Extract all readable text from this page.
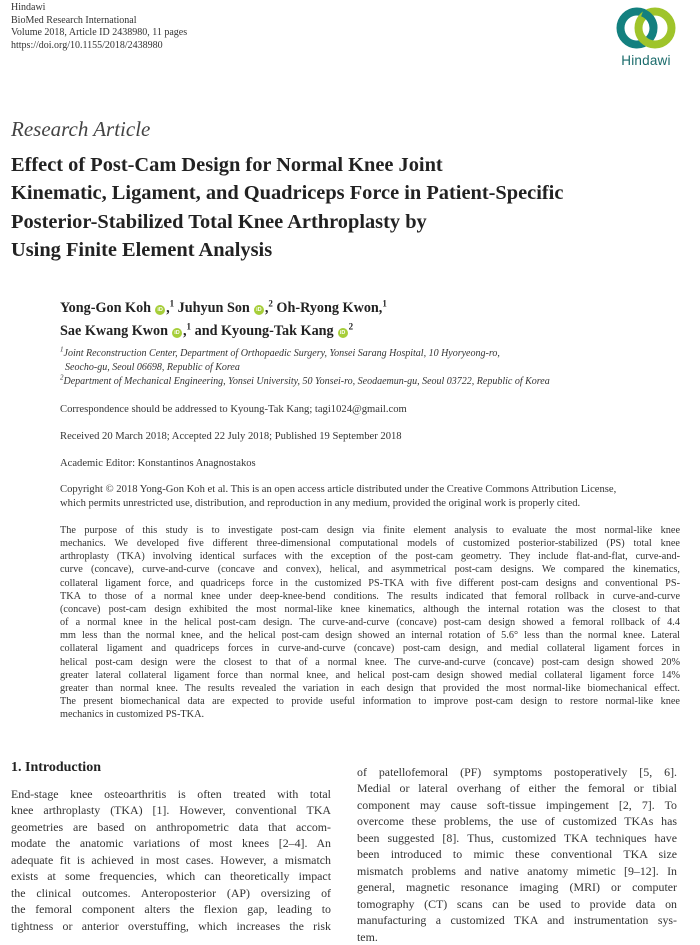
Hindawi
BioMed Research International
Volume 2018, Article ID 2438980, 11 pages
https://doi.org/10.1155/2018/2438980
Hindawi
Research Article
Effect of Post-Cam Design for Normal Knee Joint
Kinematic, Ligament, and Quadriceps Force in Patient-Specific
Posterior-Stabilized Total Knee Arthroplasty by
Using Finite Element Analysis
Yong-Gon Koh iD ,$^1$ Juhyun Son iD ,$^2$ Oh-Ryong Kwon,$^1$
Sae Kwang Kwon iD ,$^1$ and Kyoung-Tak Kang $iD^2$
$^1$Joint Reconstruction Center, Department of Orthopaedic Surgery, Yonsei Sarang Hospital, 10 Hyoryeong-ro,
Seocho-gu, Seoul 06698, Republic of Korea
$^2$Department of Mechanical Engineering, Yonsei University, 50 Yonsei-ro, Seodaemun-gu, Seoul 03722, Republic of Korea
Correspondence should be addressed to Kyoung-Tak Kang; tagi1024@gmail.com
Received 20 March 2018; Accepted 22 July 2018; Published 19 September 2018
Academic Editor: Konstantinos Anagnostakos
Copyright © 2018 Yong-Gon Koh et al. This is an open access article distributed under the Creative Commons Attribution License,
which permits unrestricted use, distribution, and reproduction in any medium, provided the original work is properly cited.
The purpose of this study is to investigate post-cam design via finite element analysis to evaluate the most normal-like knee
mechanics. We developed five different three-dimensional computational models of customized posterior-stabilized (PS) total knee
arthroplasty (TKA) involving identical surfaces with the exception of the post-cam geometry. They include flat-and-flat, curve-and-
curve (concave), curve-and-curve (concave and convex), helical, and asymmetrical post-cam designs. We compared the kinematics,
collateral ligament force, and quadriceps force in the customized PS-TKA with five different post-cam designs and conventional PS-
TKA to those of a normal knee under deep-knee-bend conditions. The results indicated that femoral rollback in curve-and-curve
(concave) post-cam design exhibited the most normal-like knee kinematics, although the internal rotation was the closest to that
of a normal knee in the helical post-cam design. The curve-and-curve (concave) post-cam design showed a femoral rollback of 4.4
mm less than the normal knee, and the helical post-cam design showed an internal rotation of 5.6° less than the normal knee. Lateral
collateral ligament and quadriceps forces in curve-and-curve (concave) post-cam design, and medial collateral ligament forces in
helical post-cam design were the closest to that of a normal knee. The curve-and-curve (concave) post-cam design showed 20%
greater lateral collateral ligament force than normal knee, and helical post-cam design showed medial collateral ligament force 14%
greater than normal knee. The results revealed the variation in each design that provided the most normal-like biomechanical effect.
The present biomechanical data are expected to provide useful information to improve post-cam design to restore normal-like knee
mechanics in customized PS-TKA.
1. Introduction
End-stage knee osteoarthritis is often treated with total
knee arthroplasty (TKA) [1]. However, conventional TKA
geometries are based on anthropometric data that accom-
modate the anatomic variations of most knees [2–4]. An
adequate fit is achieved in most cases. However, a mismatch
exists at some frequencies, which can theoretically impact
the clinical outcomes. Anteroposterior (AP) oversizing of
the femoral component alters the flexion gap, leading to
tightness or anterior overstuffing, which increases the risk
of patellofemoral (PF) symptoms postoperatively [5, 6].
Medial or lateral overhang of either the femoral or tibial
component may cause soft-tissue impingement [2, 7]. To
overcome these problems, the use of customized TKAs has
been suggested [8]. Thus, customized TKA techniques have
been introduced to mimic these conventional TKA size
mismatch problems and native anatomy mimetic [9–12]. In
general, magnetic resonance imaging (MRI) or computer
tomography (CT) scans can be used to provide data on
manufacturing a customized TKA and instrumentation sys-
tem.
